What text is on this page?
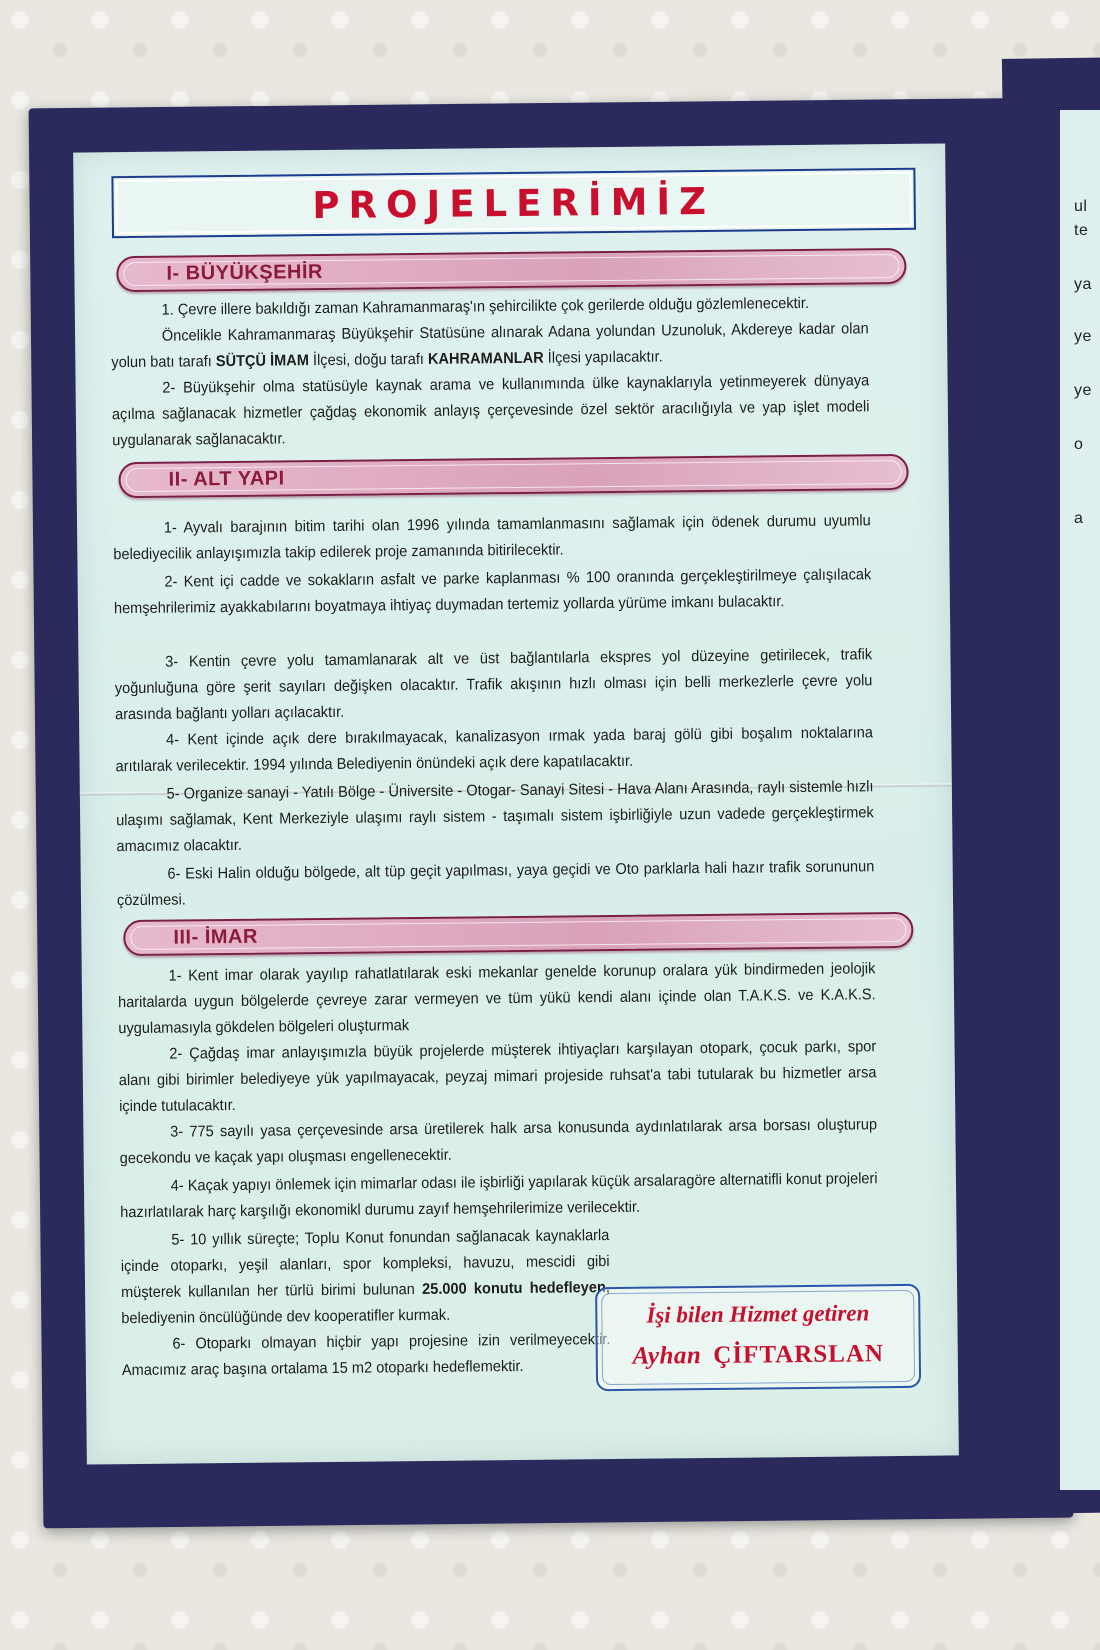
ul
te
ya
ye
ye
o
a
PROJELERİMİZ
I- BÜYÜKŞEHİR

1. Çevre illere bakıldığı zaman Kahramanmaraş'ın şehircilikte çok gerilerde olduğu gözlemlenecektir.

Öncelikle Kahramanmaraş Büyükşehir Statüsüne alınarak Adana yolundan Uzunoluk, Akdereye kadar olan yolun batı tarafı SÜTÇÜ İMAM İlçesi, doğu tarafı KAHRAMANLAR İlçesi yapılacaktır.

2- Büyükşehir olma statüsüyle kaynak arama ve kullanımında ülke kaynaklarıyla yetinmeyerek dünyaya açılma sağlanacak hizmetler çağdaş ekonomik anlayış çerçevesinde özel sektör aracılığıyla ve yap işlet modeli uygulanarak sağlanacaktır.

II- ALT YAPI

1- Ayvalı barajının bitim tarihi olan 1996 yılında tamamlanmasını sağlamak için ödenek durumu uyumlu belediyecilik anlayışımızla takip edilerek proje zamanında bitirilecektir.

2- Kent içi cadde ve sokakların asfalt ve parke kaplanması % 100 oranında gerçekleştirilmeye çalışılacak hemşehrilerimiz ayakkabılarını boyatmaya ihtiyaç duymadan tertemiz yollarda yürüme imkanı bulacaktır.

3- Kentin çevre yolu tamamlanarak alt ve üst bağlantılarla ekspres yol düzeyine getirilecek, trafik yoğunluğuna göre şerit sayıları değişken olacaktır. Trafik akışının hızlı olması için belli merkezlerle çevre yolu arasında bağlantı yolları açılacaktır.

4- Kent içinde açık dere bırakılmayacak, kanalizasyon ırmak yada baraj gölü gibi boşalım noktalarına arıtılarak verilecektir. 1994 yılında Belediyenin önündeki açık dere kapatılacaktır.

5- Organize sanayi - Yatılı Bölge - Üniversite - Otogar- Sanayi Sitesi - Hava Alanı Arasında, raylı sistemle hızlı ulaşımı sağlamak, Kent Merkeziyle ulaşımı raylı sistem - taşımalı sistem işbirliğiyle uzun vadede gerçekleştirmek amacımız olacaktır.

6- Eski Halin olduğu bölgede, alt tüp geçit yapılması, yaya geçidi ve Oto parklarla hali hazır trafik sorununun çözülmesi.

III- İMAR

1- Kent imar olarak yayılıp rahatlatılarak eski mekanlar genelde korunup oralara yük bindirmeden jeolojik haritalarda uygun bölgelerde çevreye zarar vermeyen ve tüm yükü kendi alanı içinde olan T.A.K.S. ve K.A.K.S. uygulamasıyla gökdelen bölgeleri oluşturmak

2- Çağdaş imar anlayışımızla büyük projelerde müşterek ihtiyaçları karşılayan otopark, çocuk parkı, spor alanı gibi birimler belediyeye yük yapılmayacak, peyzaj mimari projeside ruhsat'a tabi tutularak bu hizmetler arsa içinde tutulacaktır.

3- 775 sayılı yasa çerçevesinde arsa üretilerek halk arsa konusunda aydınlatılarak arsa borsası oluşturup gecekondu ve kaçak yapı oluşması engellenecektir.

4- Kaçak yapıyı önlemek için mimarlar odası ile işbirliği yapılarak küçük arsalaragöre alternatifli konut projeleri hazırlatılarak harç karşılığı ekonomikl durumu zayıf hemşehrilerimize verilecektir.

5- 10 yıllık süreçte; Toplu Konut fonundan sağlanacak kaynaklarla içinde otoparkı, yeşil alanları, spor kompleksi, havuzu, mescidi gibi müşterek kullanılan her türlü birimi bulunan 25.000 konutu hedefleyen, belediyenin öncülüğünde dev kooperatifler kurmak.

6- Otoparkı olmayan hiçbir yapı projesine izin verilmeyecektir. Amacımız araç başına ortalama 15 m2 otoparkı hedeflemektir.

İşi bilen Hizmet getiren
Ayhan ÇİFTARSLAN
